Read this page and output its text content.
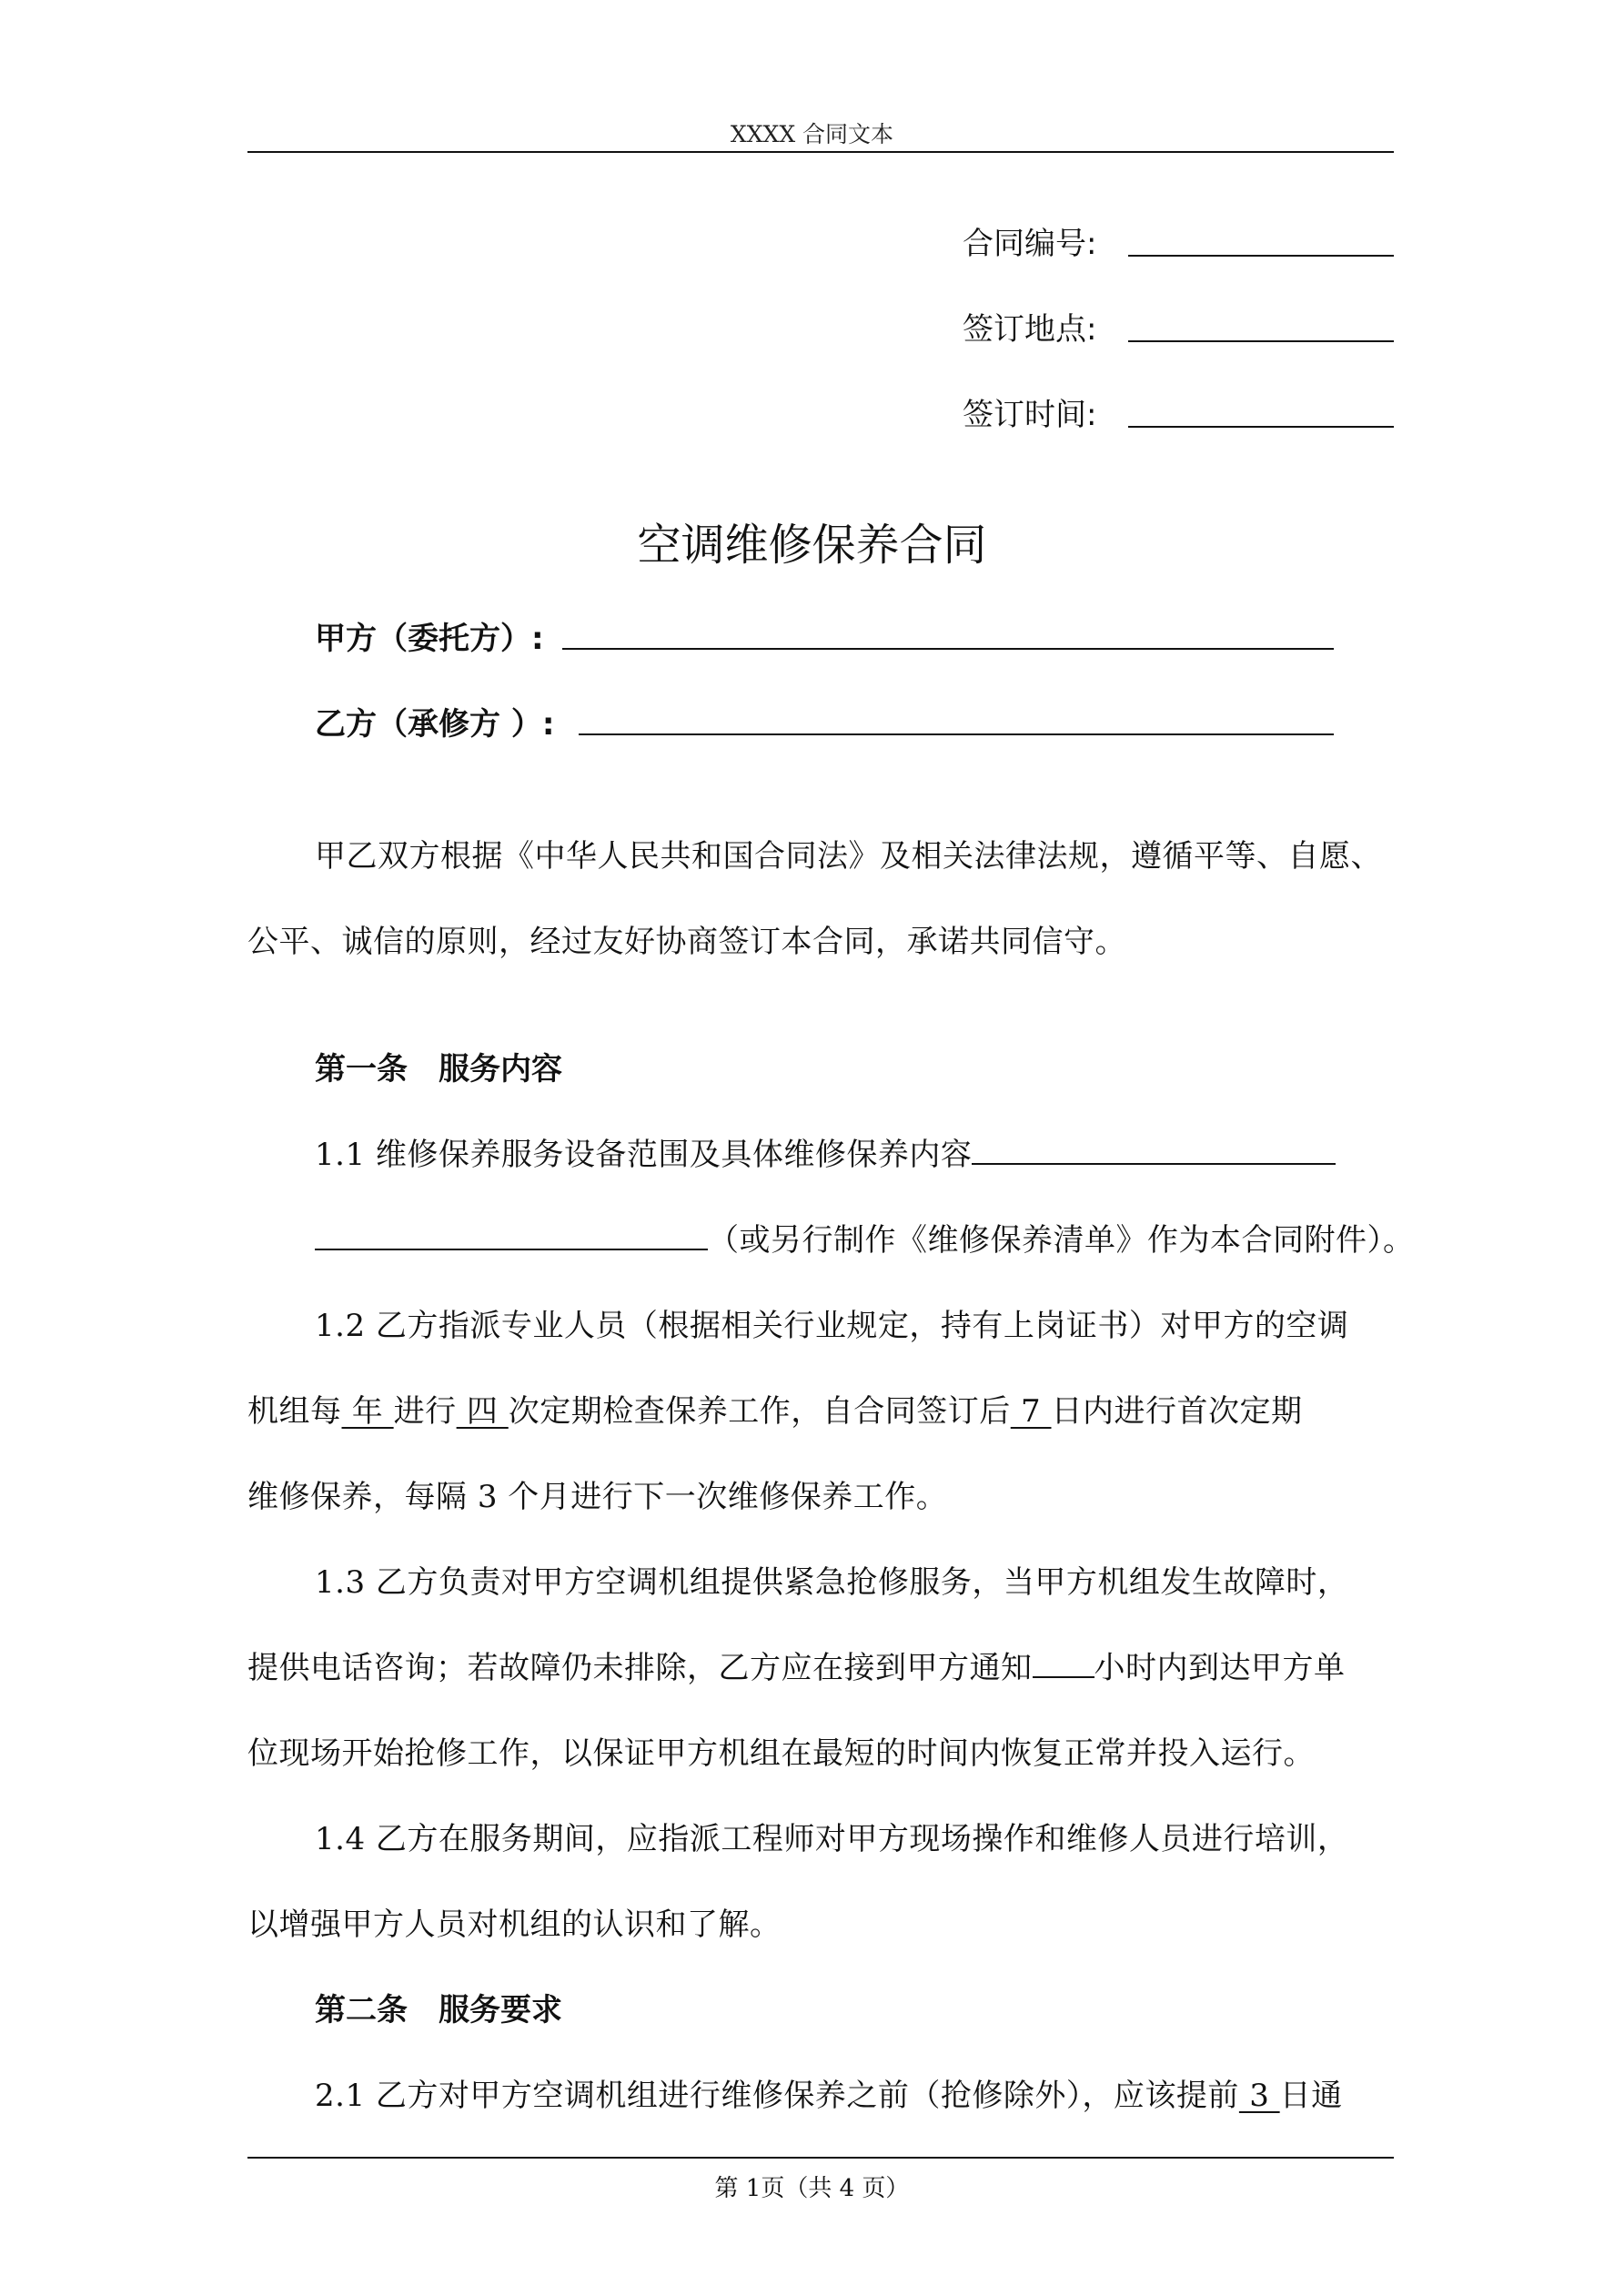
XXXX 合同文本
合同编号:
签订地点:
签订时间:
空调维修保养合同
甲方（委托方）:
乙方（承修方 ）:
甲乙双方根据《中华人民共和国合同法》及相关法律法规，遵循平等、自愿、
公平、诚信的原则，经过友好协商签订本合同，承诺共同信守。
第一条　服务内容
1.1 维修保养服务设备范围及具体维修保养内容
（或另行制作《维修保养清单》作为本合同附件）。
1.2 乙方指派专业人员（根据相关行业规定，持有上岗证书）对甲方的空调
机组每 年 进行 四 次定期检查保养工作，自合同签订后 7 日内进行首次定期
维修保养，每隔 3 个月进行下一次维修保养工作。
1.3 乙方负责对甲方空调机组提供紧急抢修服务，当甲方机组发生故障时，
提供电话咨询；若故障仍未排除，乙方应在接到甲方通知 小时内到达甲方单
位现场开始抢修工作，以保证甲方机组在最短的时间内恢复正常并投入运行。
1.4 乙方在服务期间，应指派工程师对甲方现场操作和维修人员进行培训，
以增强甲方人员对机组的认识和了解。
第二条　服务要求
2.1 乙方对甲方空调机组进行维修保养之前（抢修除外），应该提前 3 日通
第 1页（共 4 页）
